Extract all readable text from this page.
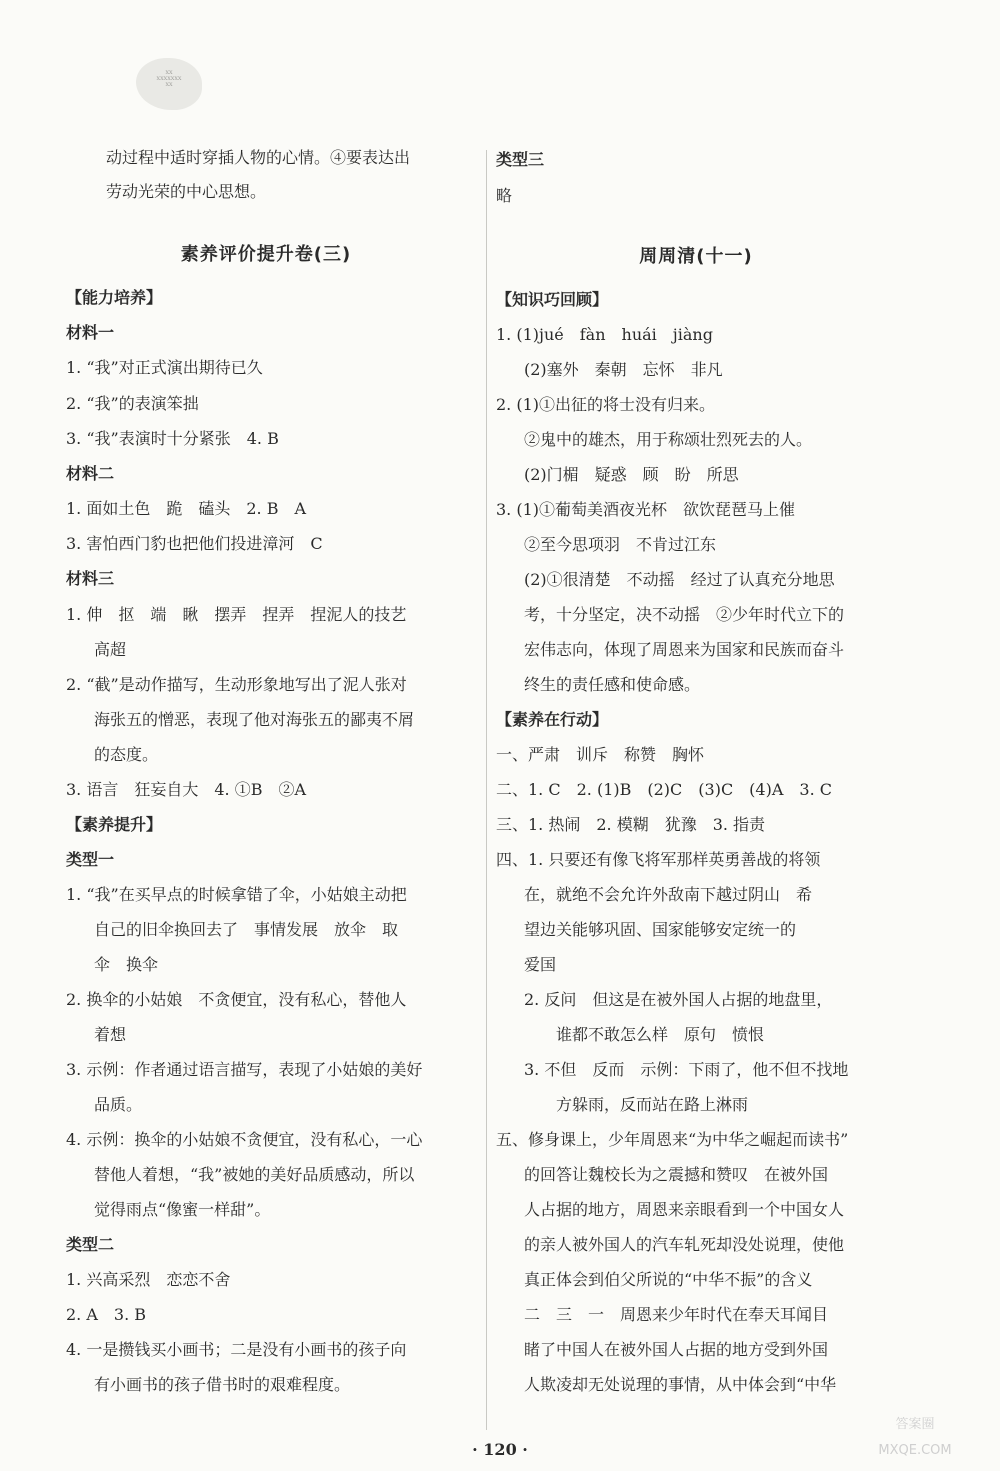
XX
XXXXXXX
XX
动过程中适时穿插人物的心情。④要表达出
劳动光荣的中心思想。
素养评价提升卷(三)
【能力培养】
材料一
1. “我”对正式演出期待已久
2. “我”的表演笨拙
3. “我”表演时十分紧张　4. B
材料二
1. 面如土色　跪　磕头　2. B　A
3. 害怕西门豹也把他们投进漳河　C
材料三
1. 伸　抠　端　瞅　摆弄　捏弄　捏泥人的技艺
高超
2. “截”是动作描写，生动形象地写出了泥人张对
海张五的憎恶，表现了他对海张五的鄙夷不屑
的态度。
3. 语言　狂妄自大　4. ①B　②A
【素养提升】
类型一
1. “我”在买早点的时候拿错了伞，小姑娘主动把
自己的旧伞换回去了　事情发展　放伞　取
伞　换伞
2. 换伞的小姑娘　不贪便宜，没有私心，替他人
着想
3. 示例：作者通过语言描写，表现了小姑娘的美好
品质。
4. 示例：换伞的小姑娘不贪便宜，没有私心，一心
替他人着想，“我”被她的美好品质感动，所以
觉得雨点“像蜜一样甜”。
类型二
1. 兴高采烈　恋恋不舍
2. A　3. B
4. 一是攒钱买小画书；二是没有小画书的孩子向
有小画书的孩子借书时的艰难程度。
类型三
略
周周清(十一)
【知识巧回顾】
1. (1)jué　fàn　huái　jiàng
(2)塞外　秦朝　忘怀　非凡
2. (1)①出征的将士没有归来。
②鬼中的雄杰，用于称颂壮烈死去的人。
(2)门楣　疑惑　顾　盼　所思
3. (1)①葡萄美酒夜光杯　欲饮琵琶马上催
②至今思项羽　不肯过江东
(2)①很清楚　不动摇　经过了认真充分地思
考，十分坚定，决不动摇　②少年时代立下的
宏伟志向，体现了周恩来为国家和民族而奋斗
终生的责任感和使命感。
【素养在行动】
一、严肃　训斥　称赞　胸怀
二、1. C　2. (1)B　(2)C　(3)C　(4)A　3. C
三、1. 热闹　2. 模糊　犹豫　3. 指责
四、1. 只要还有像飞将军那样英勇善战的将领
在，就绝不会允许外敌南下越过阴山　希
望边关能够巩固、国家能够安定统一的
爱国
2. 反问　但这是在被外国人占据的地盘里，
谁都不敢怎么样　原句　愤恨
3. 不但　反而　示例：下雨了，他不但不找地
方躲雨，反而站在路上淋雨
五、修身课上，少年周恩来“为中华之崛起而读书”
的回答让魏校长为之震撼和赞叹　在被外国
人占据的地方，周恩来亲眼看到一个中国女人
的亲人被外国人的汽车轧死却没处说理，使他
真正体会到伯父所说的“中华不振”的含义
二　三　一　周恩来少年时代在奉天耳闻目
睹了中国人在被外国人占据的地方受到外国
人欺凌却无处说理的事情，从中体会到“中华
· 120 ·
答案圈
MXQE.COM
